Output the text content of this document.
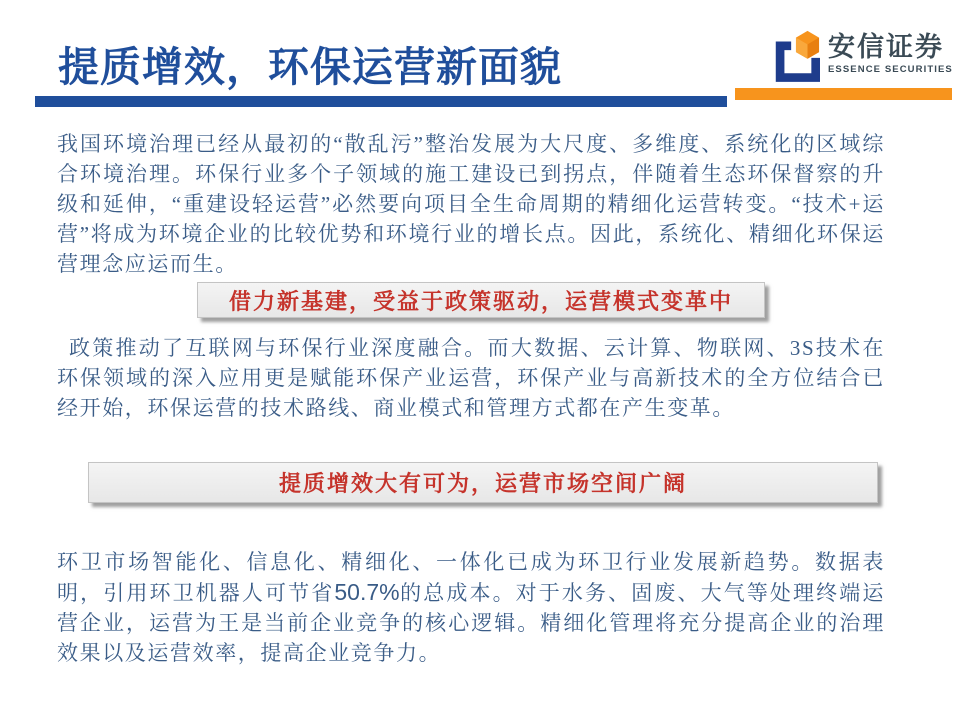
提质增效，环保运营新面貌	安信证券
ESSENCE SECURITIES

我国环境治理已经从最初的“散乱污”整治发展为大尺度、多维度、系统化的区域综合环境治理。环保行业多个子领域的施工建设已到拐点，伴随着生态环保督察的升级和延伸，“重建设轻运营”必然要向项目全生命周期的精细化运营转变。“技术+运营”将成为环境企业的比较优势和环境行业的增长点。因此，系统化、精细化环保运营理念应运而生。

借力新基建，受益于政策驱动，运营模式变革中

政策推动了互联网与环保行业深度融合。而大数据、云计算、物联网、3S技术在环保领域的深入应用更是赋能环保产业运营，环保产业与高新技术的全方位结合已经开始，环保运营的技术路线、商业模式和管理方式都在产生变革。

提质增效大有可为，运营市场空间广阔

环卫市场智能化、信息化、精细化、一体化已成为环卫行业发展新趋势。数据表明，引用环卫机器人可节省50.7%的总成本。对于水务、固废、大气等处理终端运营企业，运营为王是当前企业竞争的核心逻辑。精细化管理将充分提高企业的治理效果以及运营效率，提高企业竞争力。
